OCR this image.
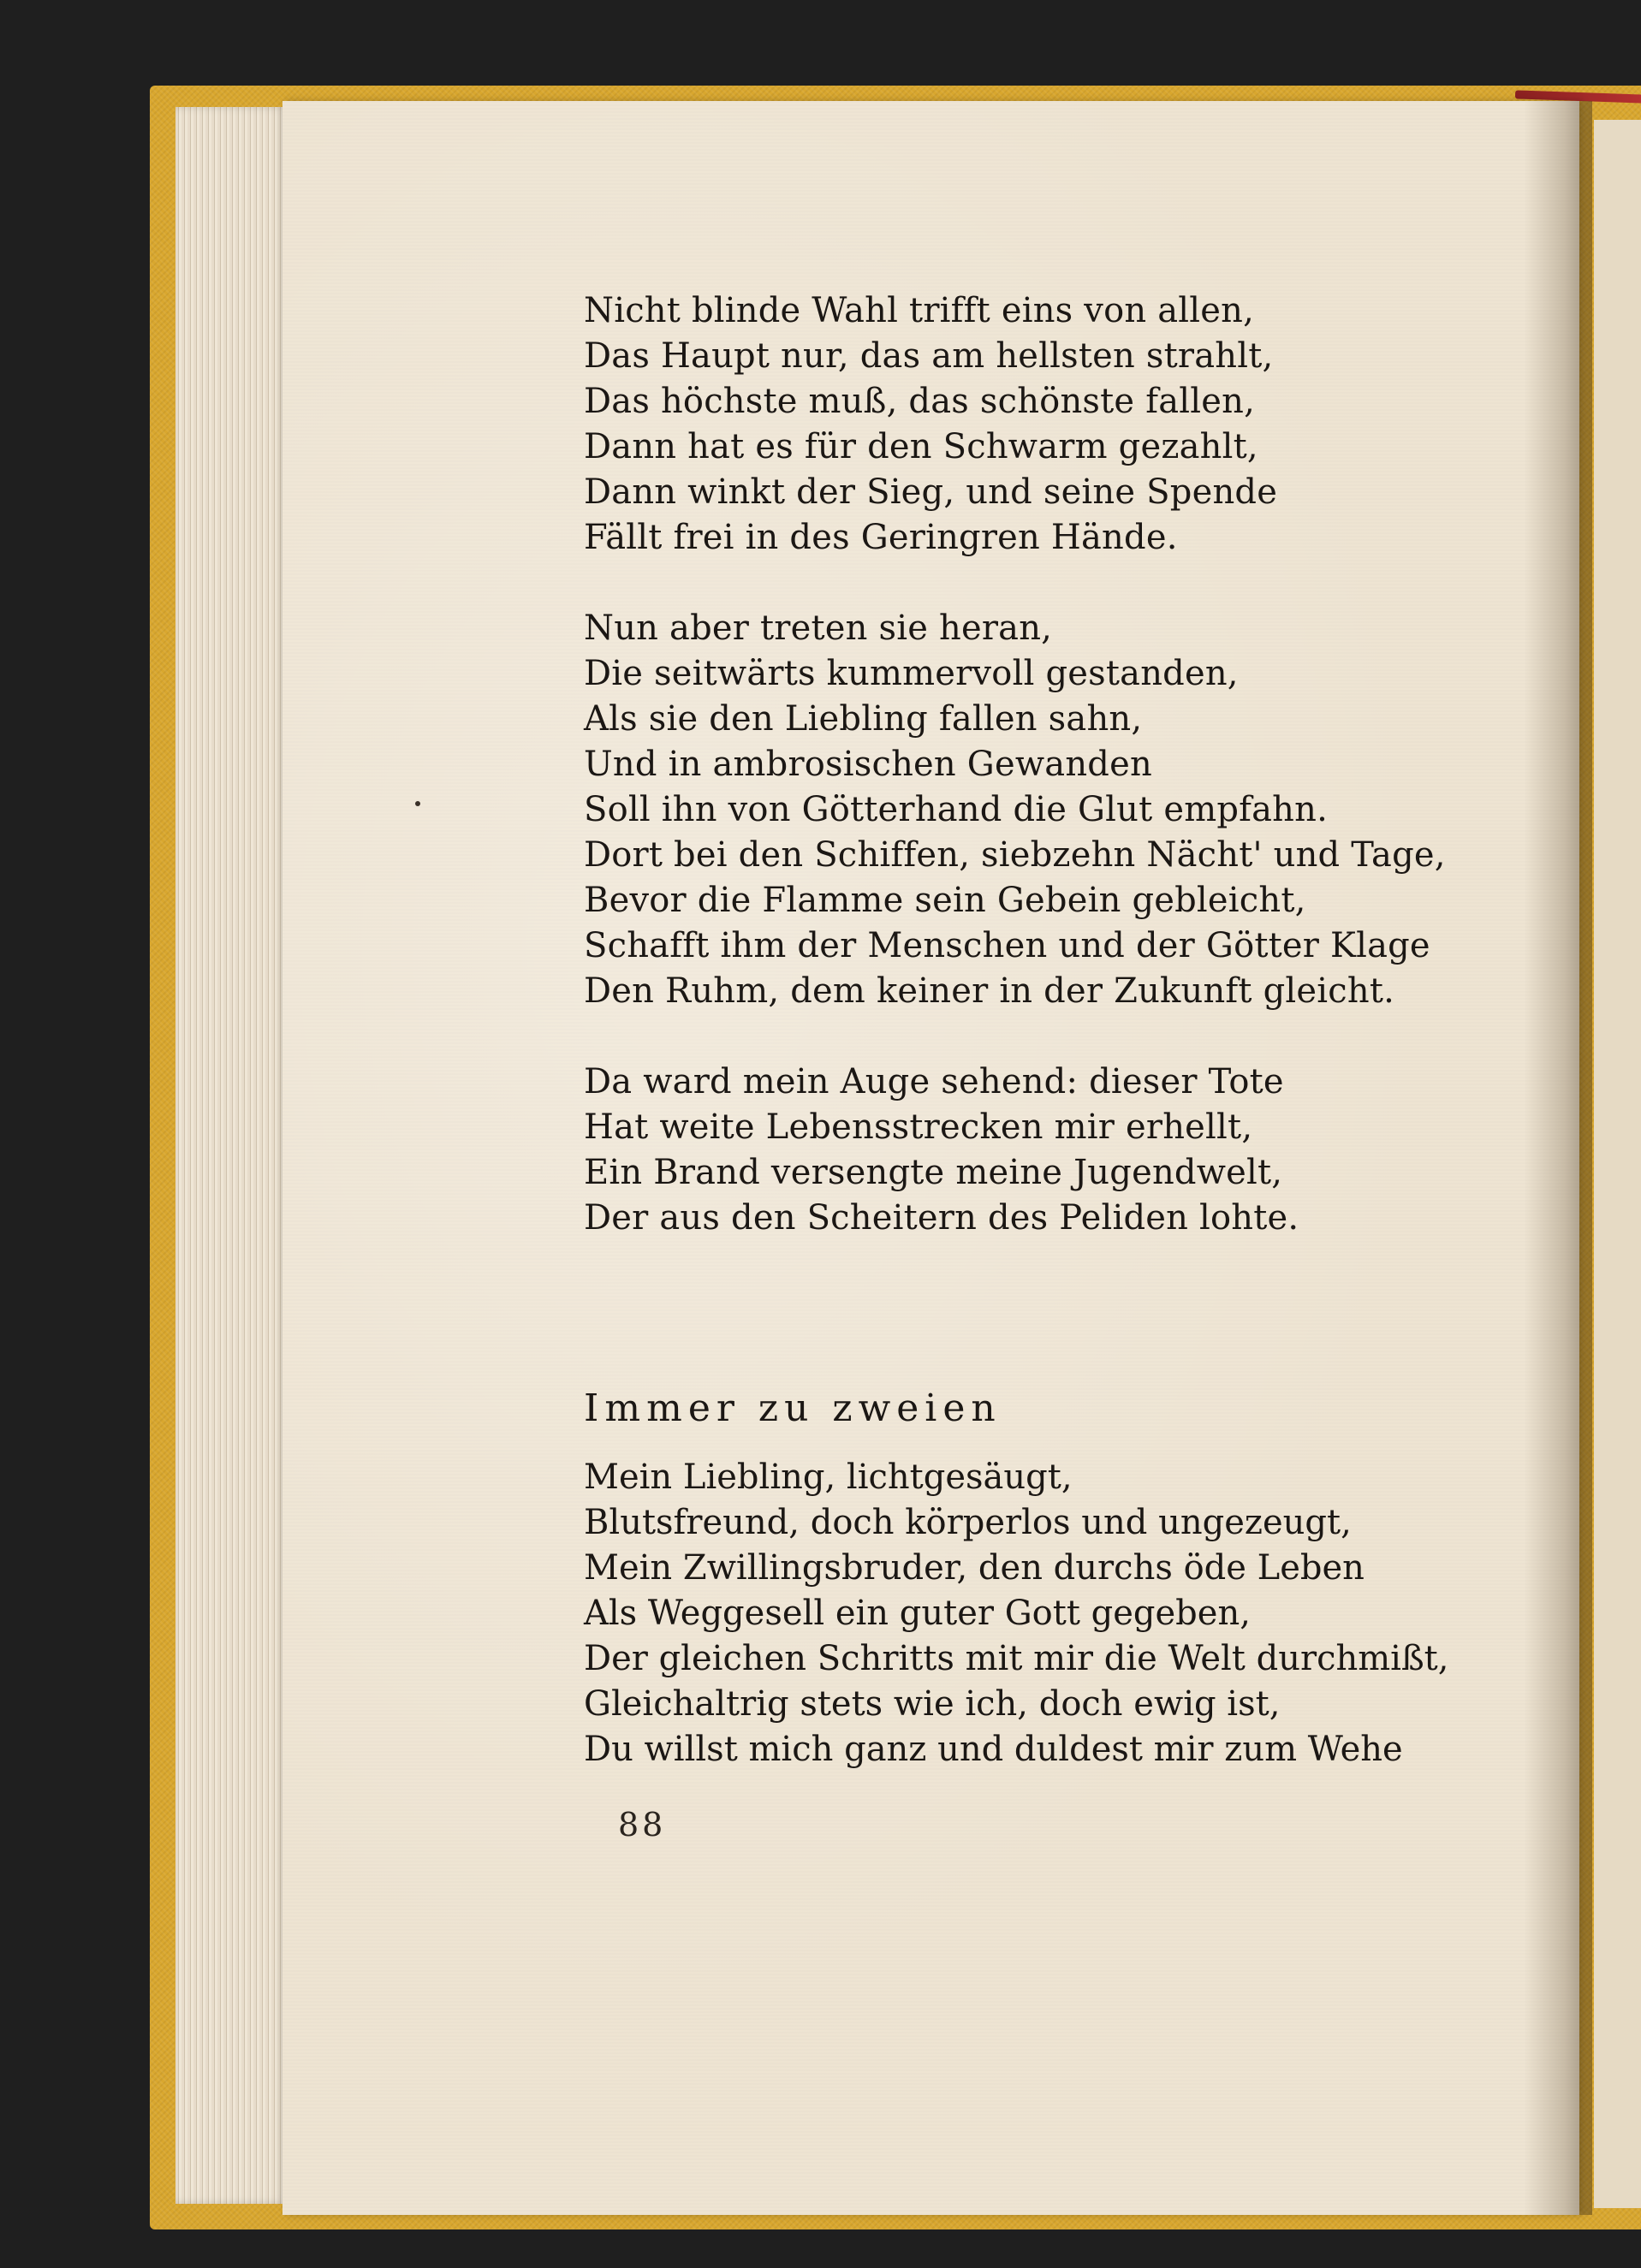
Nicht blinde Wahl trifft eins von allen,
Das Haupt nur, das am hellsten strahlt,
Das höchste muß, das schönste fallen,
Dann hat es für den Schwarm gezahlt,
Dann winkt der Sieg, und seine Spende
Fällt frei in des Geringren Hände.
Nun aber treten sie heran,
Die seitwärts kummervoll gestanden,
Als sie den Liebling fallen sahn,
Und in ambrosischen Gewanden
Soll ihn von Götterhand die Glut empfahn.
Dort bei den Schiffen, siebzehn Nächt' und Tage,
Bevor die Flamme sein Gebein gebleicht,
Schafft ihm der Menschen und der Götter Klage
Den Ruhm, dem keiner in der Zukunft gleicht.
Da ward mein Auge sehend: dieser Tote
Hat weite Lebensstrecken mir erhellt,
Ein Brand versengte meine Jugendwelt,
Der aus den Scheitern des Peliden lohte.
Immer zu zweien
Mein Liebling, lichtgesäugt,
Blutsfreund, doch körperlos und ungezeugt,
Mein Zwillingsbruder, den durchs öde Leben
Als Weggesell ein guter Gott gegeben,
Der gleichen Schritts mit mir die Welt durchmißt,
Gleichaltrig stets wie ich, doch ewig ist,
Du willst mich ganz und duldest mir zum Wehe
88
